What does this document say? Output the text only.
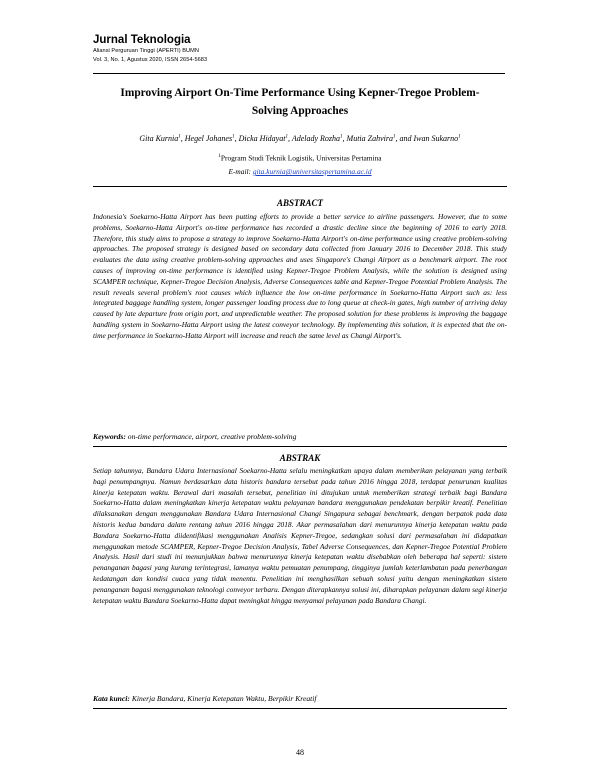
Jurnal Teknologia
Aliansi Perguruan Tinggi (APERTI) BUMN
Vol. 3, No. 1, Agustus 2020, ISSN 2654-5683
Improving Airport On-Time Performance Using Kepner-Tregoe Problem-
Solving Approaches
Gita Kurnia$^1$, Hegel Johanes$^1$, Dicka Hidayat$^1$, Adelady Rozha$^1$, Mutia Zahvira$^1$, and Iwan Sukarno$^1$
$^1$Program Studi Teknik Logistik, Universitas Pertamina
E-mail: gita.kurnia@universitaspertamina.ac.id
ABSTRACT
Indonesia's Soekarno-Hatta Airport has been putting efforts to provide a better service to airline passengers. However, due to some problems, Soekarno-Hatta Airport's on-time performance has recorded a drastic decline since the beginning of 2016 to early 2018. Therefore, this study aims to propose a strategy to improve Soekarno-Hatta Airport's on-time performance using creative problem-solving approaches. The proposed strategy is designed based on secondary data collected from January 2016 to December 2018. This study evaluates the data using creative problem-solving approaches and uses Singapore's Changi Airport as a benchmark airport. The root causes of improving on-time performance is identified using Kepner-Tregoe Problem Analysis, while the solution is designed using SCAMPER technique, Kepner-Tregoe Decision Analysis, Adverse Consequences table and Kepner-Tregoe Potential Problem Analysis. The result reveals several problem's root causes which influence the low on-time performance in Soekarno-Hatta Airport such as: less integrated baggage handling system, longer passenger loading process due to long queue at check-in gates, high number of arriving delay caused by late departure from origin port, and unpredictable weather. The proposed solution for these problems is improving the baggage handling system in Soekarno-Hatta Airport using the latest conveyor technology. By implementing this solution, it is expected that the on-time performance in Soekarno-Hatta Airport will increase and reach the same level as Changi Airport's.
Keywords: on-time performance, airport, creative problem-solving
ABSTRAK
Setiap tahunnya, Bandara Udara Internasional Soekarno-Hatta selalu meningkatkan upaya dalam memberikan pelayanan yang terbaik bagi penumpangnya. Namun berdasarkan data historis bandara tersebut pada tahun 2016 hingga 2018, terdapat penurunan kualitas kinerja ketepatan waktu. Berawal dari masalah tersebut, penelitian ini ditujukan untuk memberikan strategi terbaik bagi Bandara Soekarno-Hatta dalam meningkatkan kinerja ketepatan waktu pelayanan bandara menggunakan pendekatan berpikir kreatif. Penelitian dilaksanakan dengan menggunakan Bandara Udara Internasional Changi Singapura sebagai benchmark, dengan berpatok pada data historis kedua bandara dalam rentang tahun 2016 hingga 2018. Akar permasalahan dari menurunnya kinerja ketepatan waktu pada Bandara Soekarno-Hatta diidentifikasi menggunakan Analisis Kepner-Tregoe, sedangkan solusi dari permasalahan ini didapatkan menggunakan metode SCAMPER, Kepner-Tregoe Decision Analysis, Tabel Adverse Consequences, dan Kepner-Tregoe Potential Problem Analysis. Hasil dari studi ini menunjukkan bahwa menurunnya kinerja ketepatan waktu disebabkan oleh beberapa hal seperti: sistem penanganan bagasi yang kurang terintegrasi, lamanya waktu pemuatan penumpang, tingginya jumlah keterlambatan pada penerbangan kedatangan dan kondisi cuaca yang tidak menentu. Penelitian ini menghasilkan sebuah solusi yaitu dengan meningkatkan sistem penanganan bagasi menggunakan teknologi conveyor terbaru. Dengan diterapkannya solusi ini, diharapkan pelayanan dalam segi kinerja ketepatan waktu Bandara Soekarno-Hatta dapat meningkat hingga menyamai pelayanan pada Bandara Changi.
Kata kunci: Kinerja Bandara, Kinerja Ketepatan Waktu, Berpikir Kreatif
48
